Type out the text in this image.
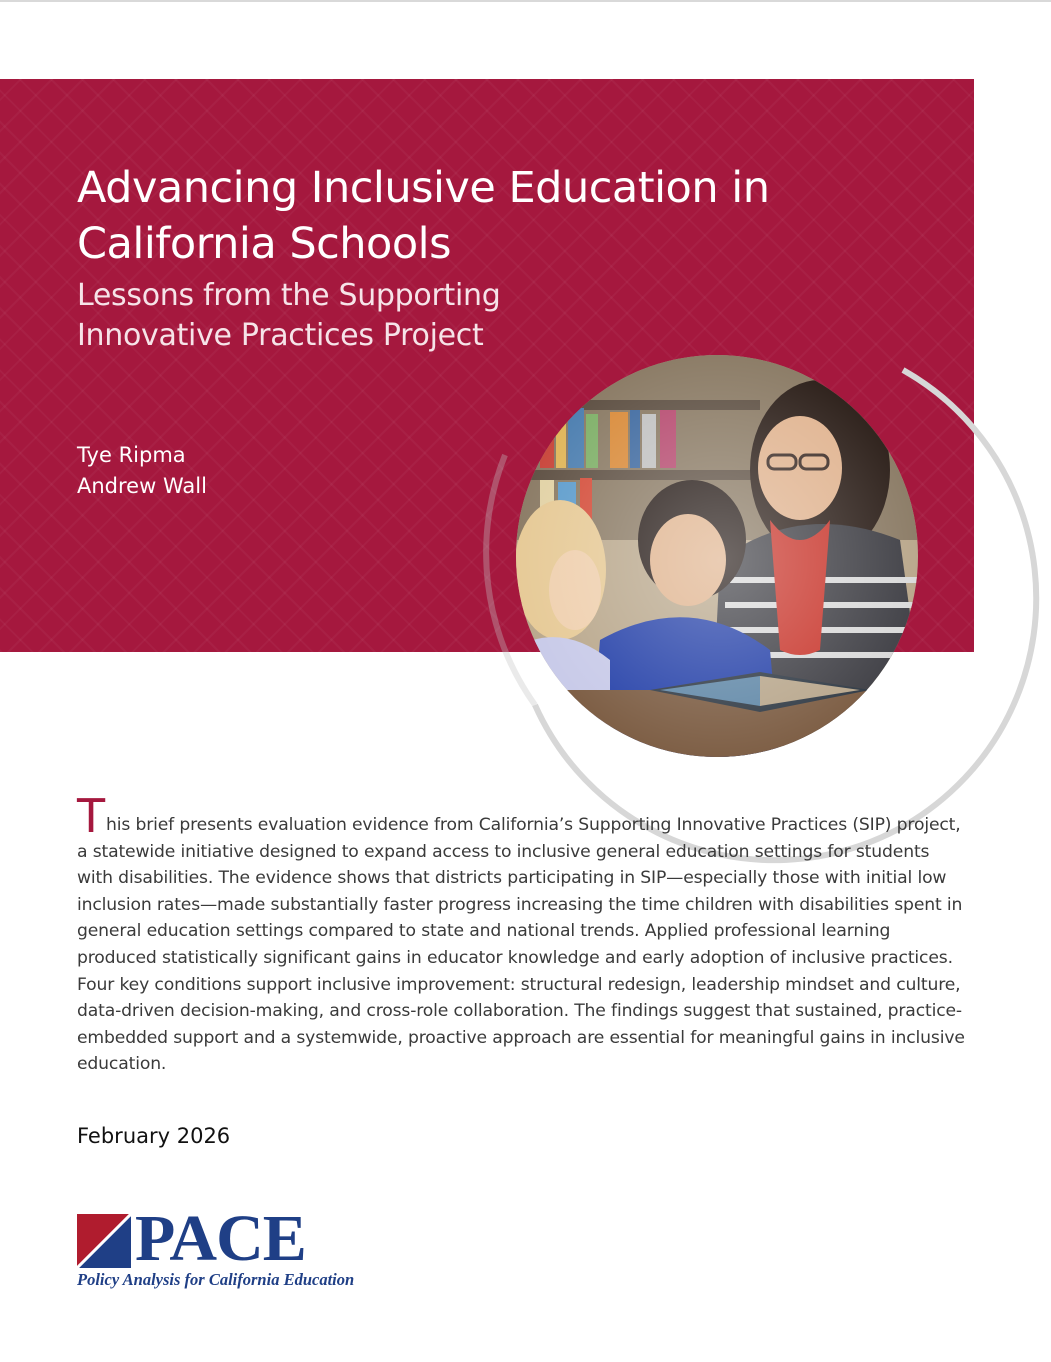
Advancing Inclusive Education in California Schools
Lessons from the Supporting Innovative Practices Project
Tye Ripma
Andrew Wall

This brief presents evaluation evidence from California’s Supporting Innovative Practices (SIP) project, a statewide initiative designed to expand access to inclusive general education settings for students with disabilities. The evidence shows that districts participating in SIP—especially those with initial low inclusion rates—made substantially faster progress increasing the time children with disabilities spent in general education settings compared to state and national trends. Applied professional learning produced statistically significant gains in educator knowledge and early adoption of inclusive practices. Four key conditions support inclusive improvement: structural redesign, leadership mindset and culture, data-driven decision-making, and cross-role collaboration. The findings suggest that sustained, practice-embedded support and a systemwide, proactive approach are essential for meaningful gains in inclusive education.

February 2026
PACE
Policy Analysis for California Education
